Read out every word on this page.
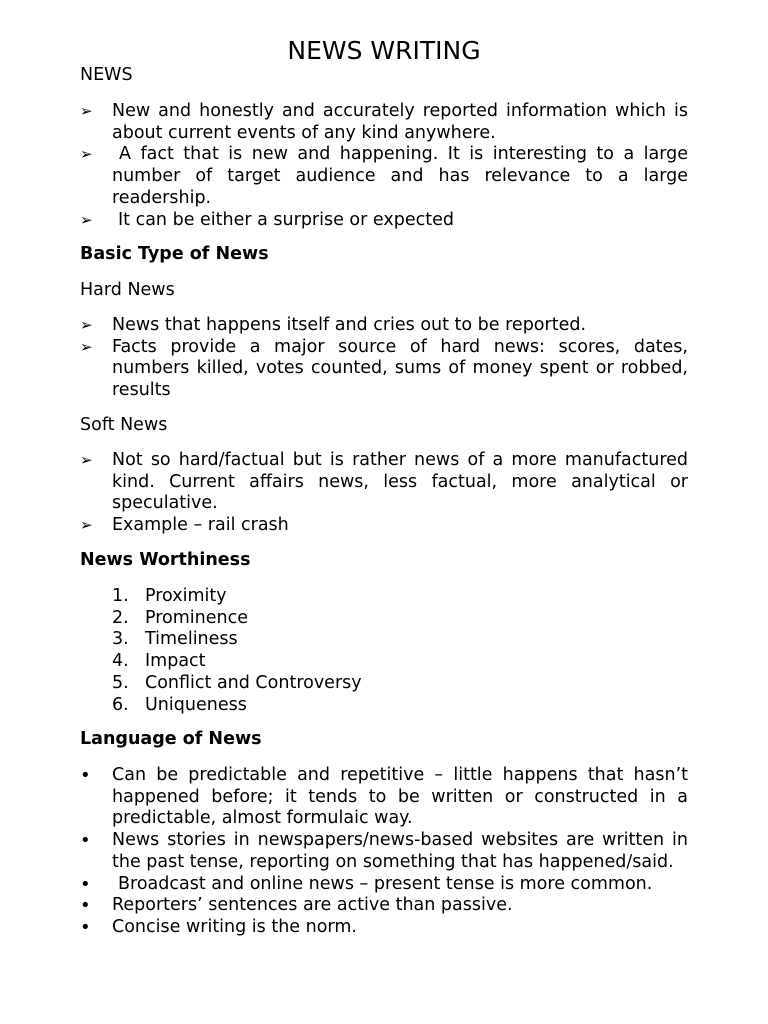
NEWS WRITING
NEWS
➢ New and honestly and accurately reported information which is about current events of any kind anywhere.
➢ A fact that is new and happening. It is interesting to a large number of target audience and has relevance to a large readership.
➢ It can be either a surprise or expected
Basic Type of News
Hard News
➢ News that happens itself and cries out to be reported.
➢ Facts provide a major source of hard news: scores, dates, numbers killed, votes counted, sums of money spent or robbed, results
Soft News
➢ Not so hard/factual but is rather news of a more manufactured kind. Current affairs news, less factual, more analytical or speculative.
➢ Example – rail crash
News Worthiness
1. Proximity
2. Prominence
3. Timeliness
4. Impact
5. Conflict and Controversy
6. Uniqueness
Language of News
• Can be predictable and repetitive – little happens that hasn’t happened before; it tends to be written or constructed in a predictable, almost formulaic way.
• News stories in newspapers/news-based websites are written in the past tense, reporting on something that has happened/said.
• Broadcast and online news – present tense is more common.
• Reporters’ sentences are active than passive.
• Concise writing is the norm.
